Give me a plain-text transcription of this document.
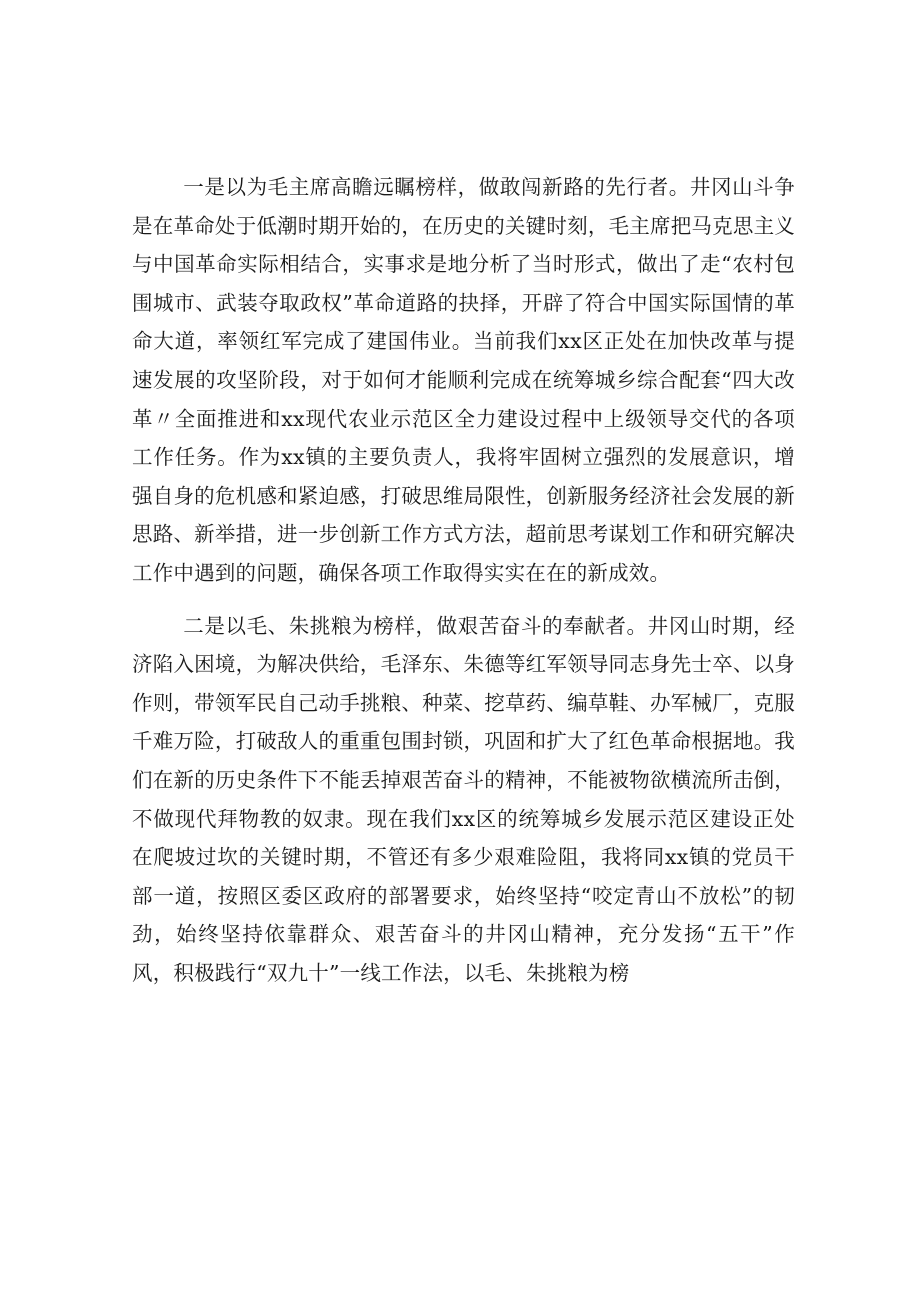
一是以为毛主席高瞻远瞩榜样，做敢闯新路的先行者。井冈山斗争是在革命处于低潮时期开始的，在历史的关键时刻，毛主席把马克思主义与中国革命实际相结合，实事求是地分析了当时形式，做出了走“农村包围城市、武装夺取政权”革命道路的抉择，开辟了符合中国实际国情的革命大道，率领红军完成了建国伟业。当前我们xx区正处在加快改革与提速发展的攻坚阶段，对于如何才能顺利完成在统筹城乡综合配套“四大改革〃全面推进和xx现代农业示范区全力建设过程中上级领导交代的各项工作任务。作为xx镇的主要负责人，我将牢固树立强烈的发展意识，增强自身的危机感和紧迫感，打破思维局限性，创新服务经济社会发展的新思路、新举措，进一步创新工作方式方法，超前思考谋划工作和研究解决工作中遇到的问题，确保各项工作取得实实在在的新成效。

二是以毛、朱挑粮为榜样，做艰苦奋斗的奉献者。井冈山时期，经济陷入困境，为解决供给，毛泽东、朱德等红军领导同志身先士卒、以身作则，带领军民自己动手挑粮、种菜、挖草药、编草鞋、办军械厂，克服千难万险，打破敌人的重重包围封锁，巩固和扩大了红色革命根据地。我们在新的历史条件下不能丢掉艰苦奋斗的精神，不能被物欲横流所击倒，不做现代拜物教的奴隶。现在我们xx区的统筹城乡发展示范区建设正处在爬坡过坎的关键时期，不管还有多少艰难险阻，我将同xx镇的党员干部一道，按照区委区政府的部署要求，始终坚持“咬定青山不放松”的韧劲，始终坚持依靠群众、艰苦奋斗的井冈山精神，充分发扬“五干”作风，积极践行“双九十”一线工作法，以毛、朱挑粮为榜
